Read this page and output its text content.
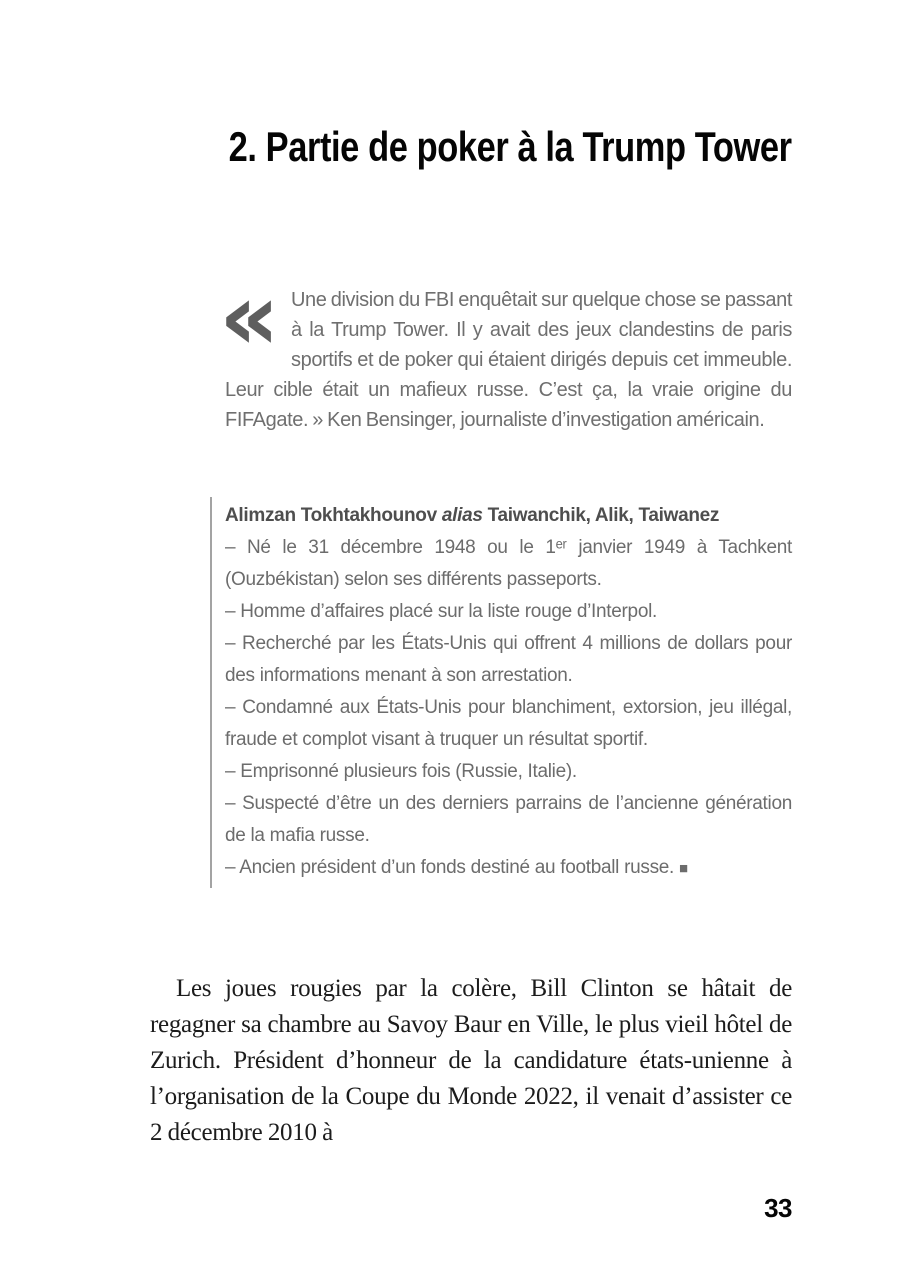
2. Partie de poker à la Trump Tower

« Une division du FBI enquêtait sur quelque chose se passant à la Trump Tower. Il y avait des jeux clandestins de paris sportifs et de poker qui étaient dirigés depuis cet immeuble. Leur cible était un mafieux russe. C’est ça, la vraie origine du FIFAgate. » Ken Bensinger, journaliste d’investigation américain.

Alimzan Tokhtakhounov alias Taiwanchik, Alik, Taiwanez

– Né le 31 décembre 1948 ou le 1ᵉʳ janvier 1949 à Tachkent (Ouzbékistan) selon ses différents passeports.

– Homme d’affaires placé sur la liste rouge d’Interpol.

– Recherché par les États-Unis qui offrent 4 millions de dollars pour des informations menant à son arrestation.

– Condamné aux États-Unis pour blanchiment, extorsion, jeu illégal, fraude et complot visant à truquer un résultat sportif.

– Emprisonné plusieurs fois (Russie, Italie).

– Suspecté d’être un des derniers parrains de l’ancienne génération de la mafia russe.

– Ancien président d’un fonds destiné au football russe. ■

Les joues rougies par la colère, Bill Clinton se hâtait de regagner sa chambre au Savoy Baur en Ville, le plus vieil hôtel de Zurich. Président d’honneur de la candidature états-unienne à l’organisation de la Coupe du Monde 2022, il venait d’assister ce 2 décembre 2010 à

33
